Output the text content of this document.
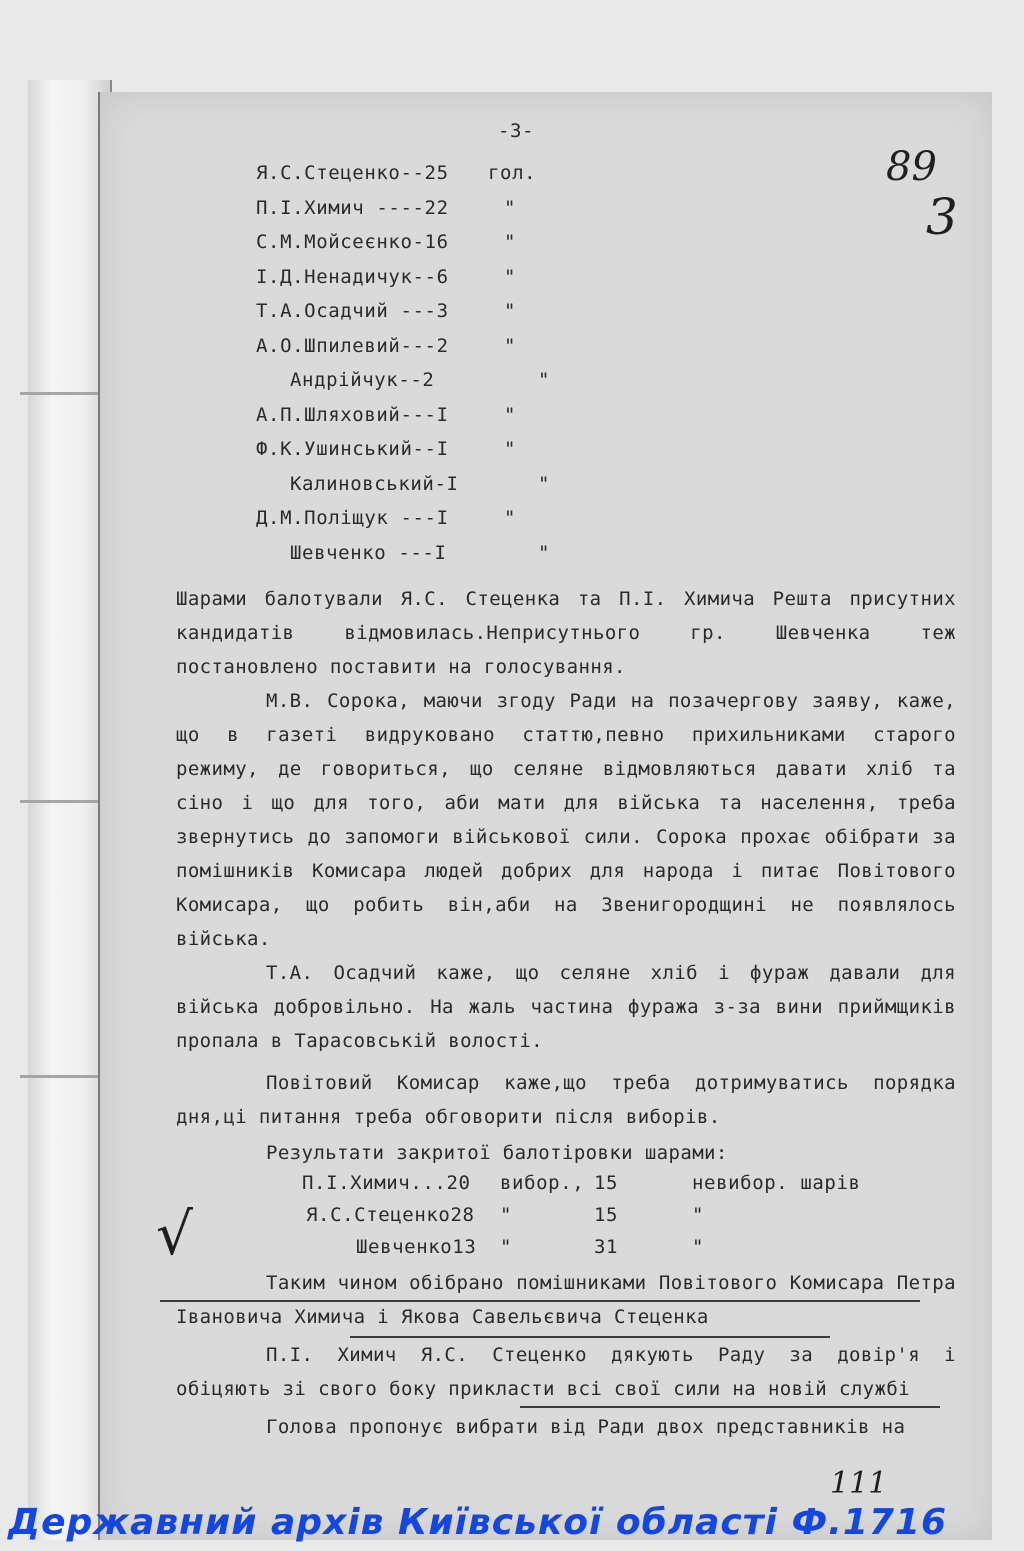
-3-
89
3
Я.С.Стеценко--25 гол.
П.І.Химич ----22	"
С.М.Мойсеєнко-16	"
І.Д.Ненадичук--6	"
Т.А.Осадчий ---3	"
А.О.Шпилевий---2	"
Андрійчук--2	"
А.П.Шляховий---І	"
Ф.К.Ушинський--І	"
Калиновський-І	"
Д.М.Поліщук ---І	"
Шевченко ---І	"
Шарами балотували Я.С. Стеценка та П.І. Химича Решта присутних кандидатів відмовилась.Неприсутнього гр. Шевченка теж постановлено поставити на голосування.
М.В. Сорока, маючи згоду Ради на позачергову заяву, каже, що в газеті видруковано статтю,певно прихильниками старого режиму, де говориться, що селяне відмовляються давати хліб та сіно і що для того, аби мати для війська та населення, треба звернутись до запомоги військової сили. Сорока прохає обібрати за помішників Комисара людей добрих для народа і питає Повітового Комисара, що робить він,аби на Звенигородщині не появлялось війська.
Т.А. Осадчий каже, що селяне хліб і фураж давали для війська добровільно. На жаль частина фуража з-за вини приймщиків пропала в Тарасовській волості.
Повітовий Комисар каже,що треба дотримуватись порядка дня,ці питання треба обговорити після виборів.
Результати закритої балотіровки шарами:
П.І.Химич...20 вибор., 15	невибор. шарів
Я.С.Стеценко28 "	15	"
Шевченко13 "	31	"
√
Таким чином обібрано помішниками Повітового Комисара Петра Івановича Химича і Якова Савельєвича Стеценка
П.І. Химич Я.С. Стеценко дякують Раду за довір'я і обіцяють зі свого боку прикласти всі свої сили на новій службі
Голова пропонує вибрати від Ради двох представників на
111
Державний архів Київської області Ф.1716
